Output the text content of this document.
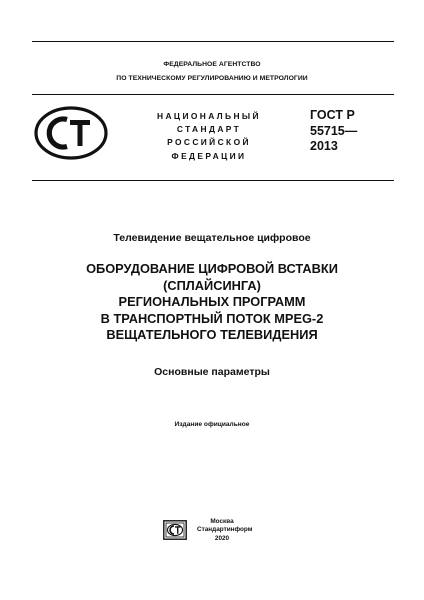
ФЕДЕРАЛЬНОЕ АГЕНТСТВО
ПО ТЕХНИЧЕСКОМУ РЕГУЛИРОВАНИЮ И МЕТРОЛОГИИ
НАЦИОНАЛЬНЫЙ
СТАНДАРТ
РОССИЙСКОЙ
ФЕДЕРАЦИИ
ГОСТ Р
55715—
2013
Телевидение вещательное цифровое
ОБОРУДОВАНИЕ ЦИФРОВОЙ ВСТАВКИ
(СПЛАЙСИНГА)
РЕГИОНАЛЬНЫХ ПРОГРАММ
В ТРАНСПОРТНЫЙ ПОТОК MPEG-2
ВЕЩАТЕЛЬНОГО ТЕЛЕВИДЕНИЯ
Основные параметры
Издание официальное
Москва
Стандартинформ
2020
